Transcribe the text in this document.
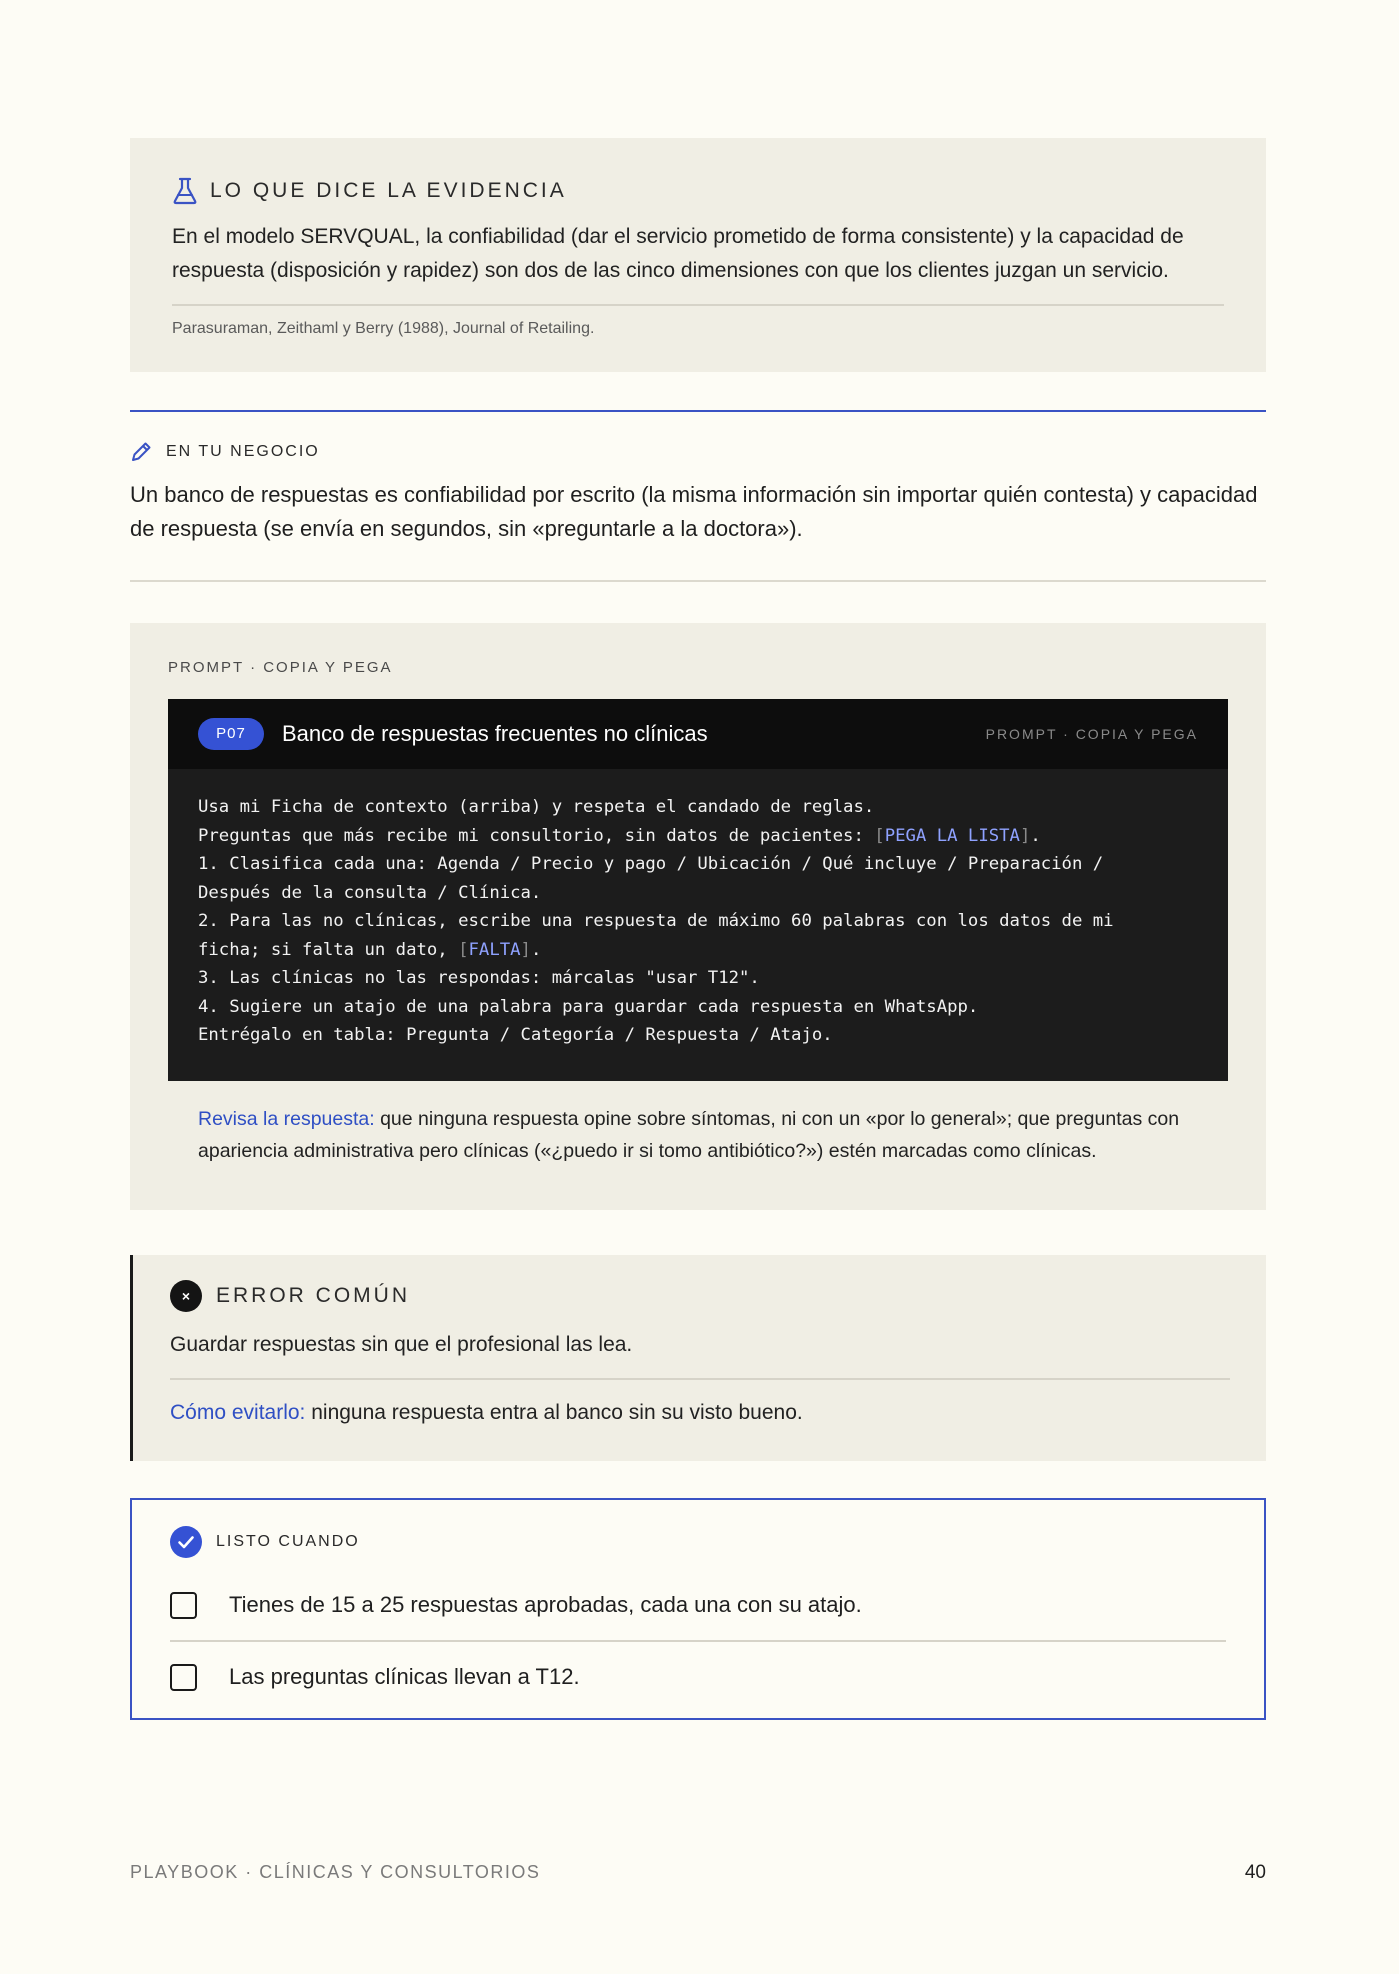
LO QUE DICE LA EVIDENCIA
En el modelo SERVQUAL, la confiabilidad (dar el servicio prometido de forma consistente) y la capacidad de respuesta (disposición y rapidez) son dos de las cinco dimensiones con que los clientes juzgan un servicio.
Parasuraman, Zeithaml y Berry (1988), Journal of Retailing.
EN TU NEGOCIO
Un banco de respuestas es confiabilidad por escrito (la misma información sin importar quién contesta) y capacidad de respuesta (se envía en segundos, sin «preguntarle a la doctora»).
PROMPT · COPIA Y PEGA
P07	Banco de respuestas frecuentes no clínicas	PROMPT · COPIA Y PEGA
Usa mi Ficha de contexto (arriba) y respeta el candado de reglas.
Preguntas que más recibe mi consultorio, sin datos de pacientes: [PEGA LA LISTA].
1. Clasifica cada una: Agenda / Precio y pago / Ubicación / Qué incluye / Preparación /
Después de la consulta / Clínica.
2. Para las no clínicas, escribe una respuesta de máximo 60 palabras con los datos de mi
ficha; si falta un dato, [FALTA].
3. Las clínicas no las respondas: márcalas "usar T12".
4. Sugiere un atajo de una palabra para guardar cada respuesta en WhatsApp.
Entrégalo en tabla: Pregunta / Categoría / Respuesta / Atajo.
Revisa la respuesta: que ninguna respuesta opine sobre síntomas, ni con un «por lo general»; que preguntas con apariencia administrativa pero clínicas («¿puedo ir si tomo antibiótico?») estén marcadas como clínicas.
×	ERROR COMÚN
Guardar respuestas sin que el profesional las lea.
Cómo evitarlo: ninguna respuesta entra al banco sin su visto bueno.
LISTO CUANDO
Tienes de 15 a 25 respuestas aprobadas, cada una con su atajo.
Las preguntas clínicas llevan a T12.
PLAYBOOK · CLÍNICAS Y CONSULTORIOS	40
